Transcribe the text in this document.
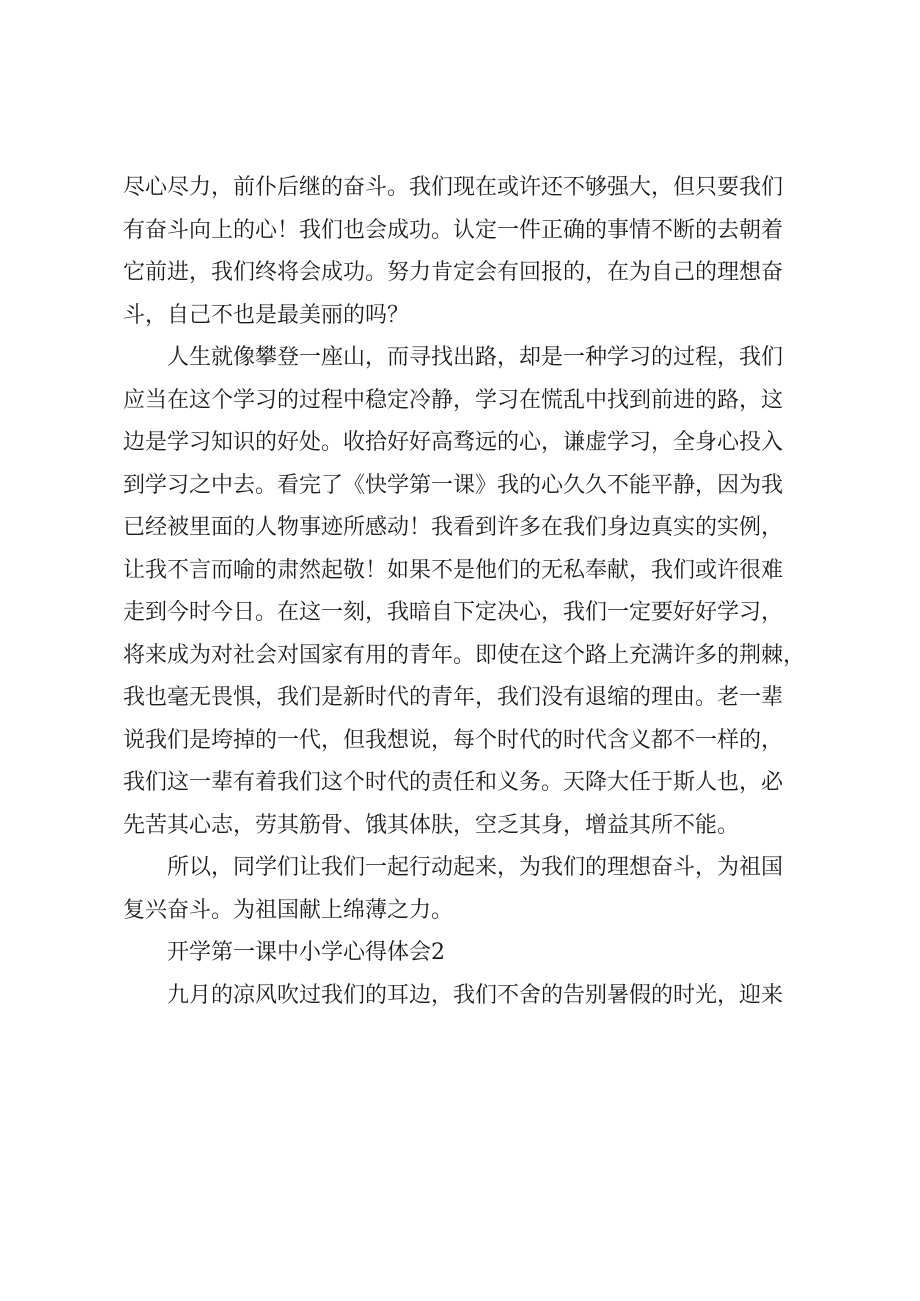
尽心尽力，前仆后继的奋斗。我们现在或许还不够强大，但只要我们
有奋斗向上的心！我们也会成功。认定一件正确的事情不断的去朝着
它前进，我们终将会成功。努力肯定会有回报的，在为自己的理想奋
斗，自己不也是最美丽的吗？
人生就像攀登一座山，而寻找出路，却是一种学习的过程，我们
应当在这个学习的过程中稳定冷静，学习在慌乱中找到前进的路，这
边是学习知识的好处。收拾好好高骛远的心，谦虚学习，全身心投入
到学习之中去。看完了《快学第一课》我的心久久不能平静，因为我
已经被里面的人物事迹所感动！我看到许多在我们身边真实的实例，
让我不言而喻的肃然起敬！如果不是他们的无私奉献，我们或许很难
走到今时今日。在这一刻，我暗自下定决心，我们一定要好好学习，
将来成为对社会对国家有用的青年。即使在这个路上充满许多的荆棘，
我也毫无畏惧，我们是新时代的青年，我们没有退缩的理由。老一辈
说我们是垮掉的一代，但我想说，每个时代的时代含义都不一样的，
我们这一辈有着我们这个时代的责任和义务。天降大任于斯人也，必
先苦其心志，劳其筋骨、饿其体肤，空乏其身，增益其所不能。
所以，同学们让我们一起行动起来，为我们的理想奋斗，为祖国
复兴奋斗。为祖国献上绵薄之力。
开学第一课中小学心得体会2
九月的凉风吹过我们的耳边，我们不舍的告别暑假的时光，迎来
